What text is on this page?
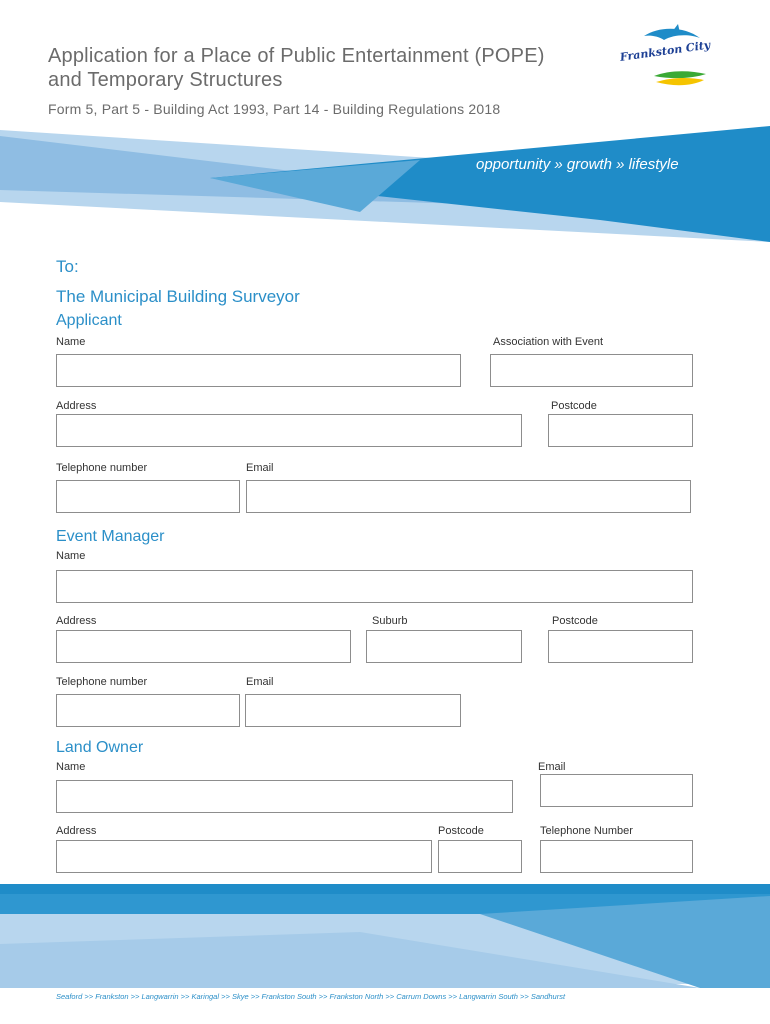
Application for a Place of Public Entertainment (POPE)
and Temporary Structures
Frankston City
Form 5, Part 5 - Building Act 1993, Part 14 - Building Regulations 2018
opportunity » growth » lifestyle
To:
The Municipal Building Surveyor
Applicant
Name	Association with Event
Address	Postcode
Telephone number	Email
Event Manager
Name
Address	Suburb	Postcode
Telephone number	Email
Land Owner
Name	Email
Address	Postcode	Telephone Number
Seaford >> Frankston >> Langwarrin >> Karingal >> Skye >> Frankston South >> Frankston North >> Carrum Downs >> Langwarrin South >> Sandhurst
